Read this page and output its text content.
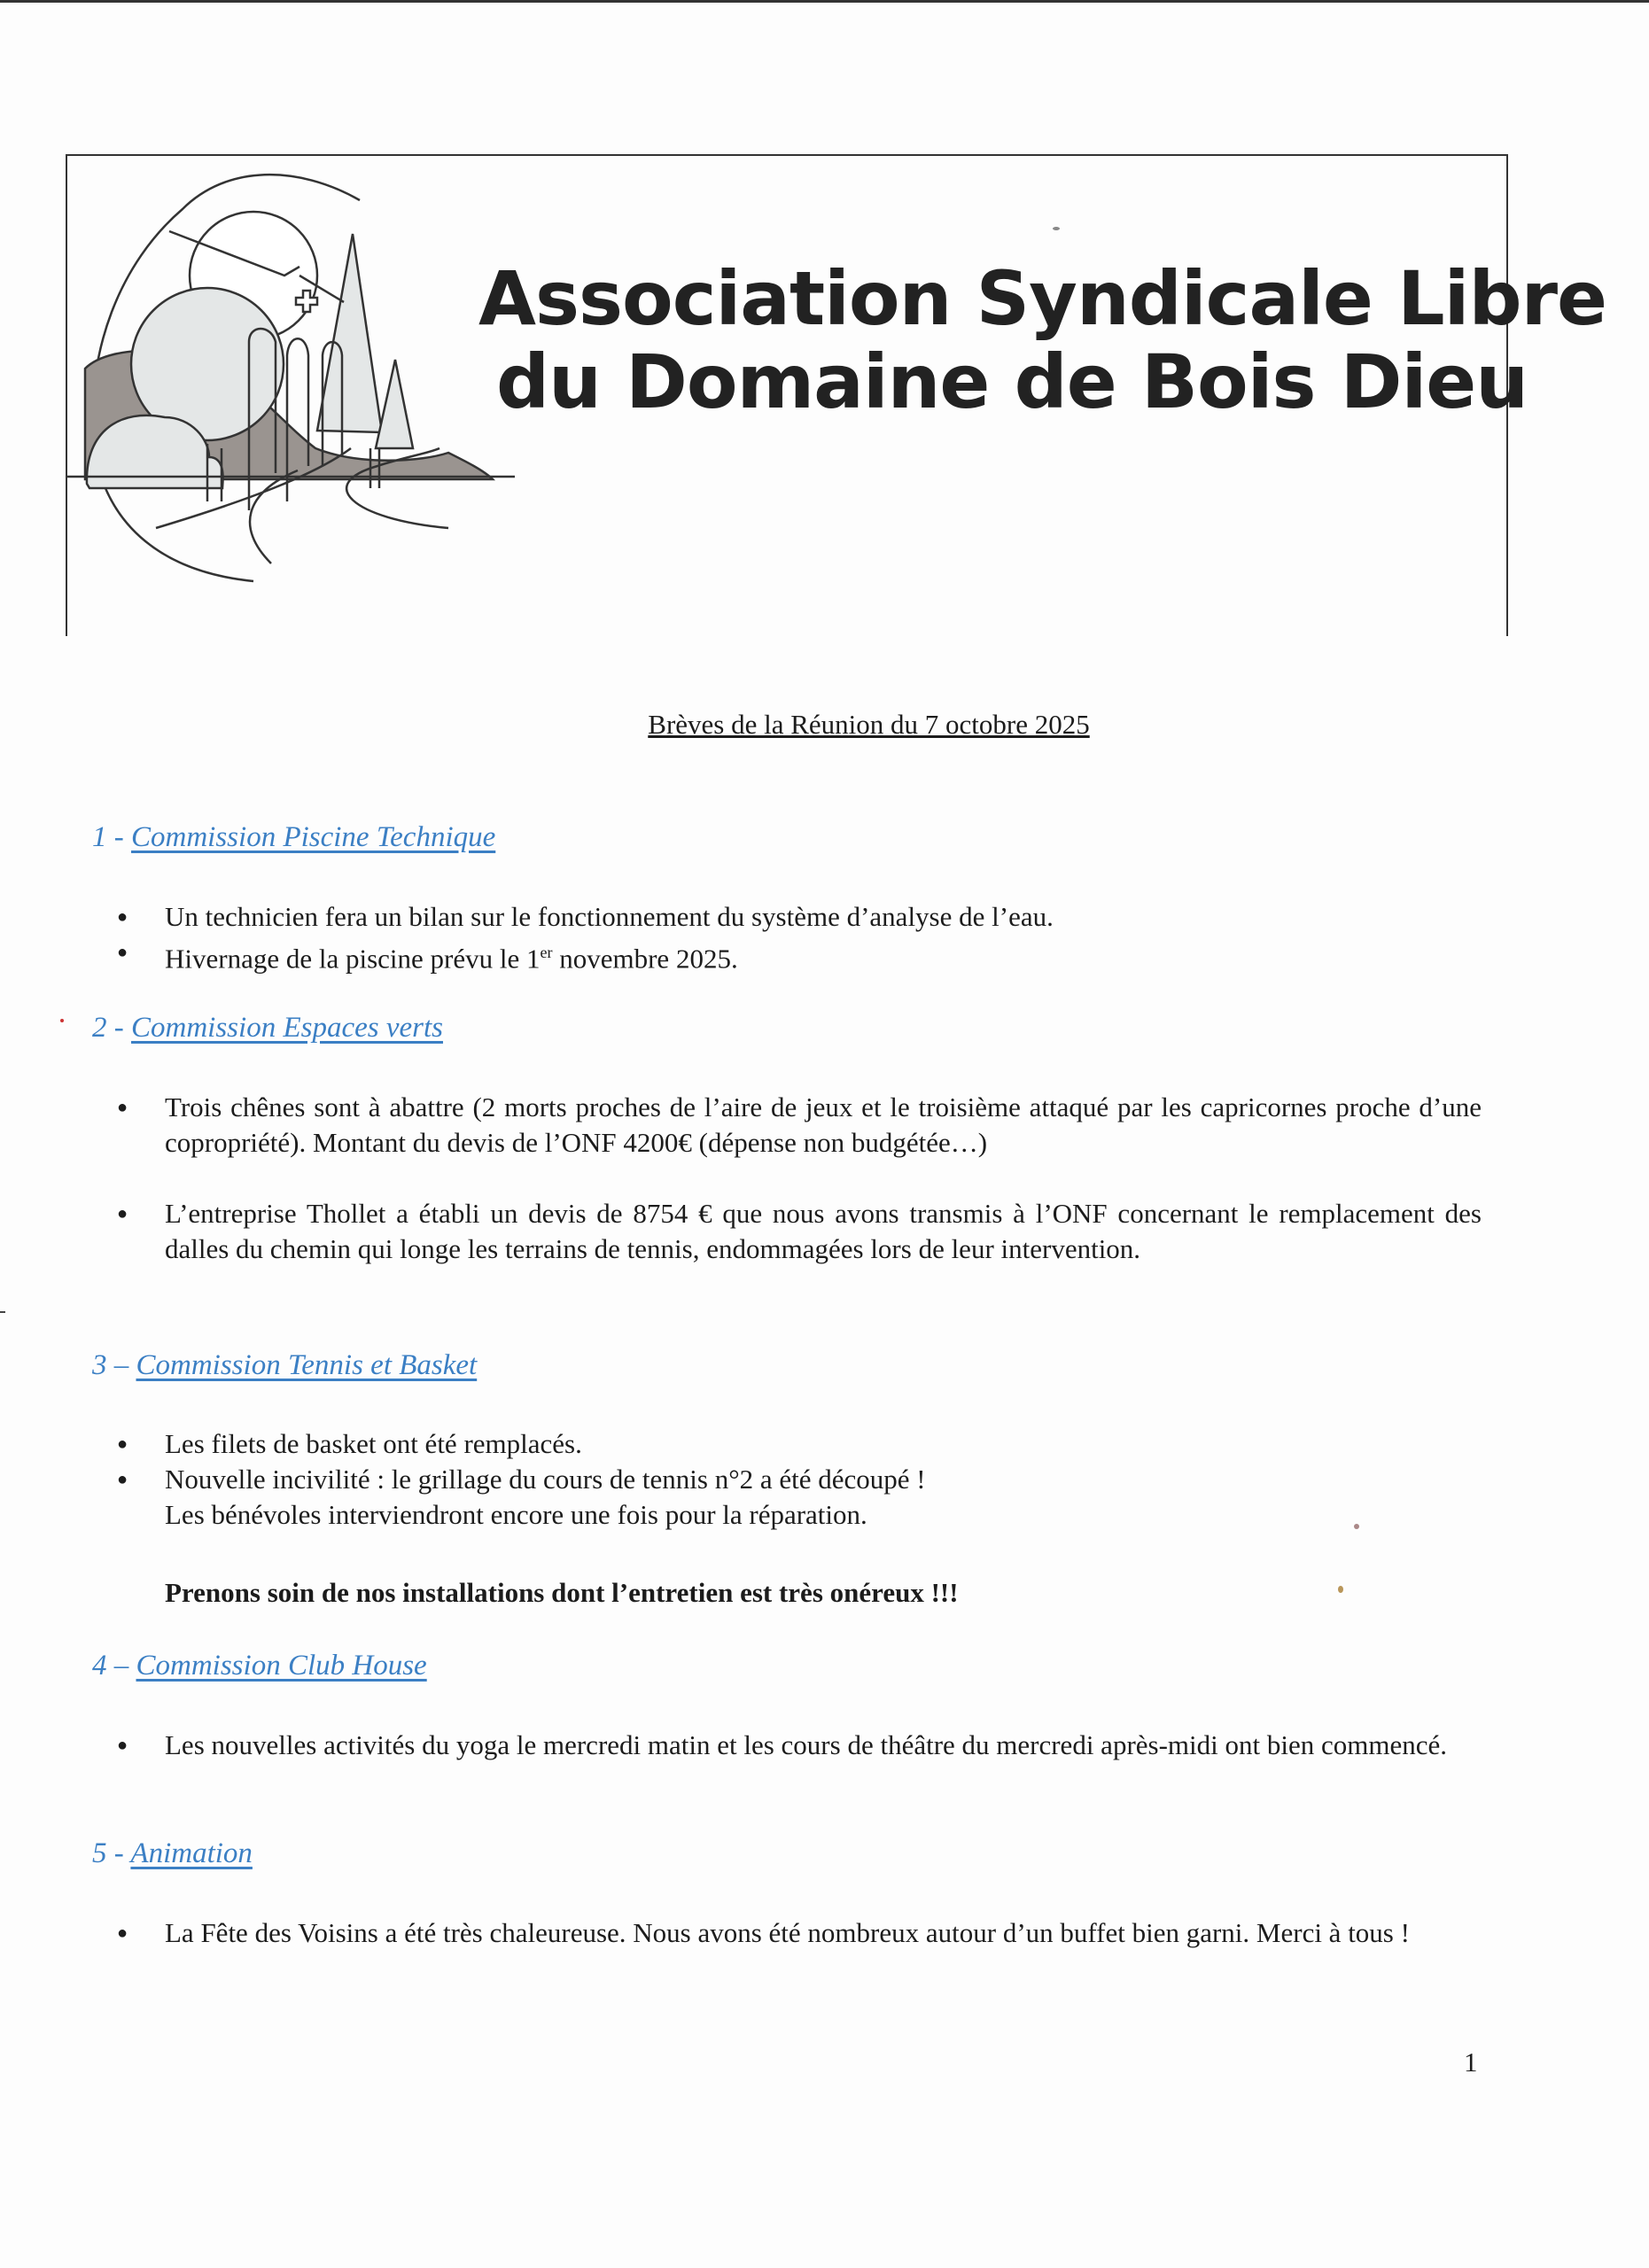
Association Syndicale Libre
du Domaine de Bois Dieu
Brèves de la Réunion du 7 octobre 2025
1 - Commission Piscine Technique
● Un technicien fera un bilan sur le fonctionnement du système d’analyse de l’eau.
● Hivernage de la piscine prévu le 1er novembre 2025.
2 - Commission Espaces verts
● Trois chênes sont à abattre (2 morts proches de l’aire de jeux et le troisième attaqué par les capricornes proche d’une copropriété). Montant du devis de l’ONF 4200€ (dépense non budgétée…)
● L’entreprise Thollet a établi un devis de 8754 € que nous avons transmis à l’ONF concernant le remplacement des dalles du chemin qui longe les terrains de tennis, endommagées lors de leur intervention.
3 – Commission Tennis et Basket
● Les filets de basket ont été remplacés.
● Nouvelle incivilité : le grillage du cours de tennis n°2 a été découpé !
Les bénévoles interviendront encore une fois pour la réparation.
Prenons soin de nos installations dont l’entretien est très onéreux !!!
4 – Commission Club House
● Les nouvelles activités du yoga le mercredi matin et les cours de théâtre du mercredi après-midi ont bien commencé.
5 - Animation
● La Fête des Voisins a été très chaleureuse. Nous avons été nombreux autour d’un buffet bien garni. Merci à tous !
1
